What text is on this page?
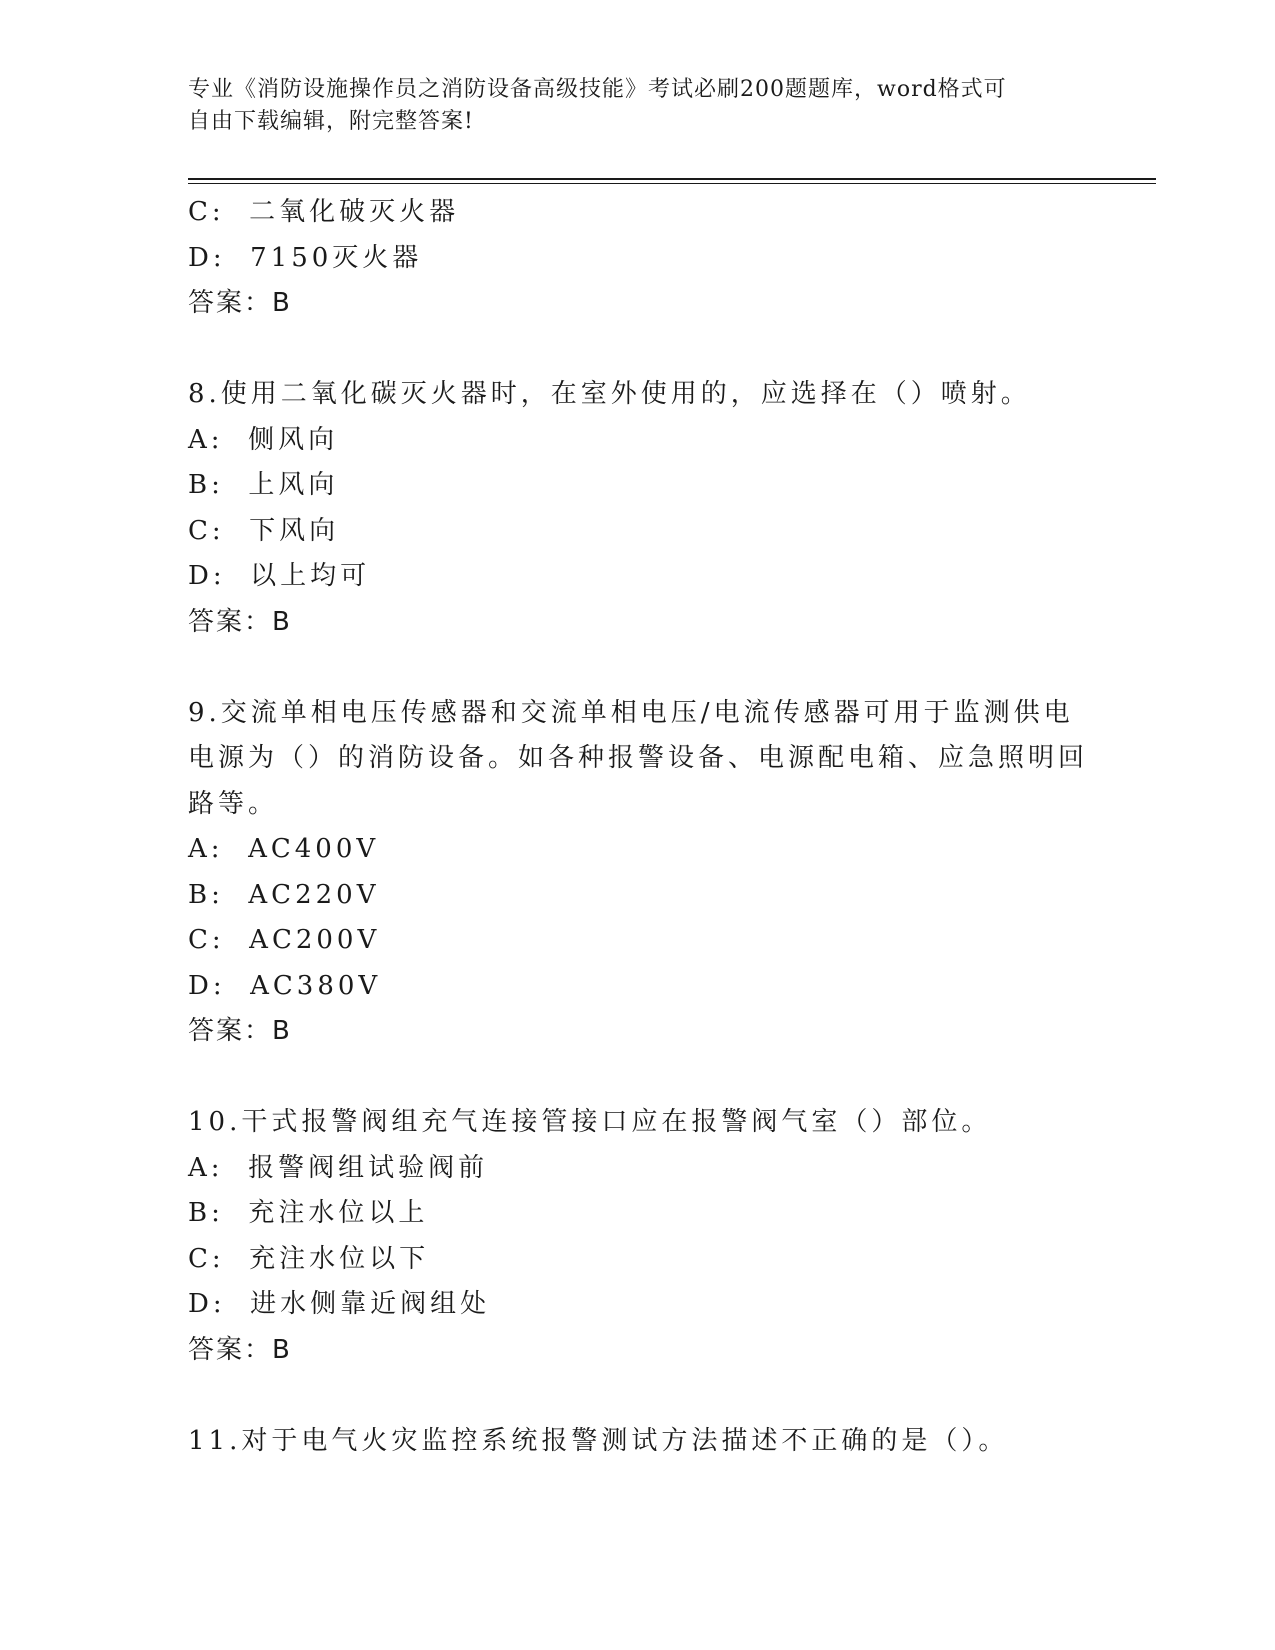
专业《消防设施操作员之消防设备高级技能》考试必刷200题题库，word格式可
自由下载编辑，附完整答案!
C:  二氧化破灭火器
D:  7150灭火器
答案：B
8.使用二氧化碳灭火器时，在室外使用的，应选择在（）喷射。
A:  侧风向
B:  上风向
C:  下风向
D:  以上均可
答案：B
9.交流单相电压传感器和交流单相电压/电流传感器可用于监测供电电源为（）的消防设备。如各种报警设备、电源配电箱、应急照明回路等。
A:  AC400V
B:  AC220V
C:  AC200V
D:  AC380V
答案：B
10.干式报警阀组充气连接管接口应在报警阀气室（）部位。
A:  报警阀组试验阀前
B:  充注水位以上
C:  充注水位以下
D:  进水侧靠近阀组处
答案：B
11.对于电气火灾监控系统报警测试方法描述不正确的是（）。
